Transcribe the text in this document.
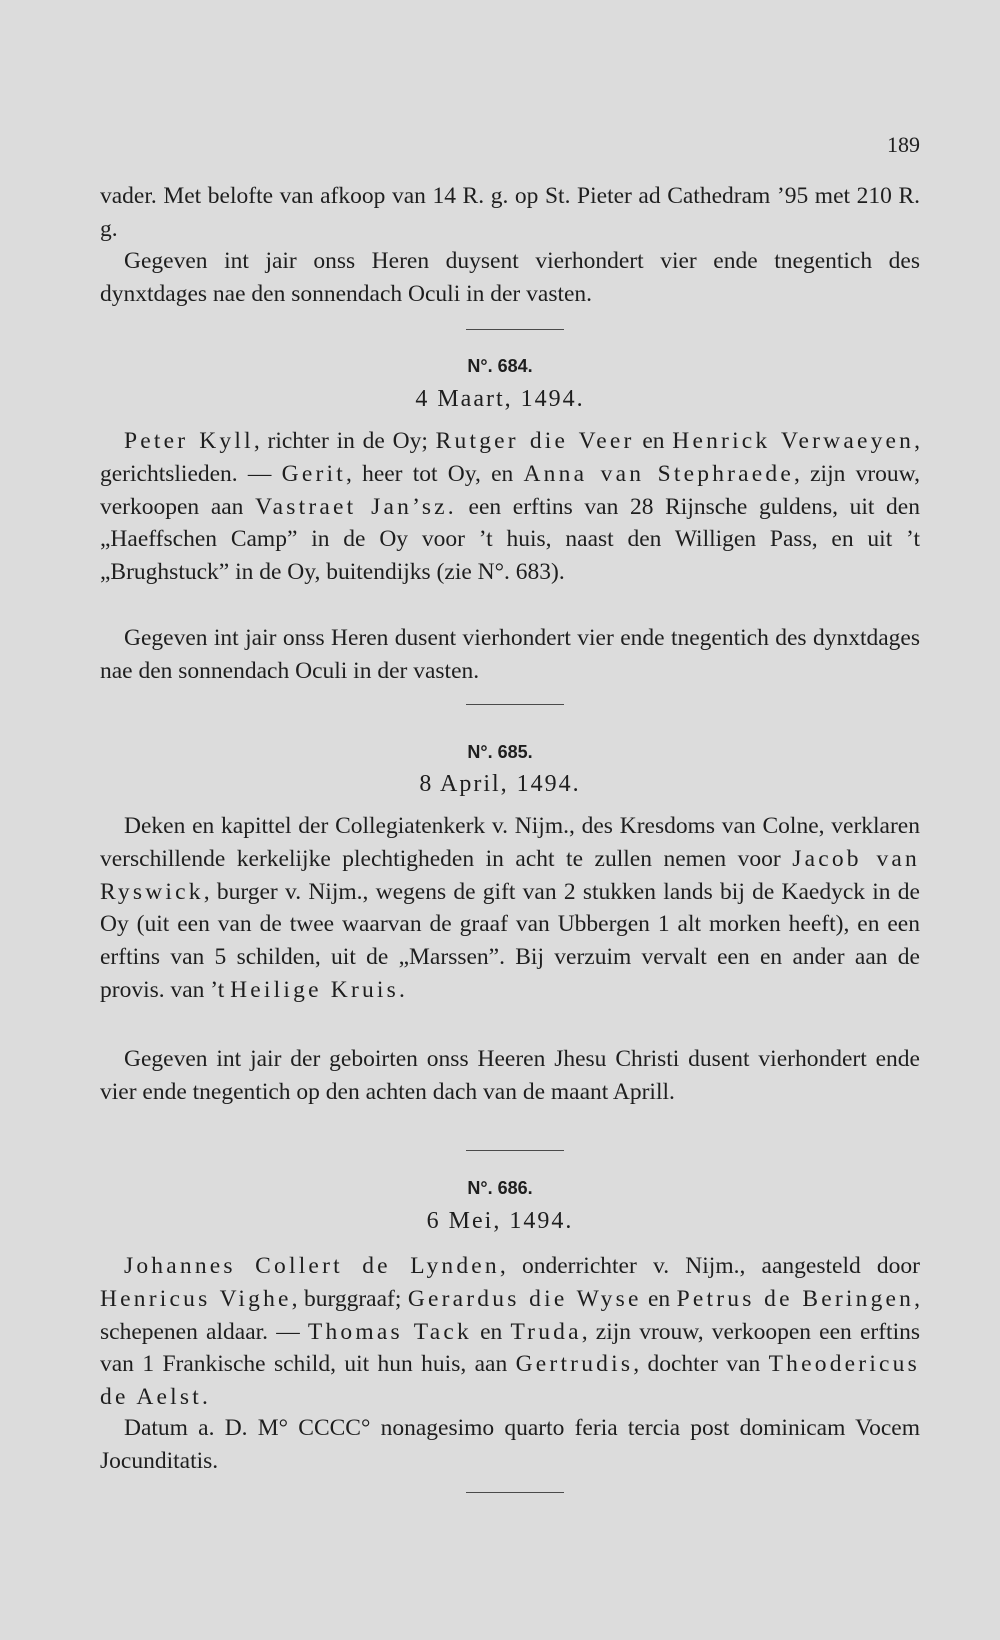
189

vader. Met belofte van afkoop van 14 R. g. op St. Pieter ad Cathedram ’95 met 210 R. g.

Gegeven int jair onss Heren duysent vierhondert vier ende tnegentich des dynxtdages nae den sonnendach Oculi in der vasten.

N°. 684.
4 Maart, 1494.

Peter Kyll, richter in de Oy; Rutger die Veer en Henrick Verwaeyen, gerichtslieden. — Gerit, heer tot Oy, en Anna van Stephraede, zijn vrouw, verkoopen aan Vastraet Jan’sz. een erftins van 28 Rijnsche guldens, uit den „Haeffschen Camp” in de Oy voor ’t huis, naast den Willigen Pass, en uit ’t „Brughstuck” in de Oy, buitendijks (zie N°. 683).

Gegeven int jair onss Heren dusent vierhondert vier ende tnegentich des dynxtdages nae den sonnendach Oculi in der vasten.

N°. 685.
8 April, 1494.

Deken en kapittel der Collegiatenkerk v. Nijm., des Kresdoms van Colne, verklaren verschillende kerkelijke plechtigheden in acht te zullen nemen voor Jacob van Ryswick, burger v. Nijm., wegens de gift van 2 stukken lands bij de Kaedyck in de Oy (uit een van de twee waarvan de graaf van Ubbergen 1 alt morken heeft), en een erftins van 5 schilden, uit de „Marssen”. Bij verzuim vervalt een en ander aan de provis. van ’t Heilige Kruis.

Gegeven int jair der geboirten onss Heeren Jhesu Christi dusent vierhondert ende vier ende tnegentich op den achten dach van de maant Aprill.

N°. 686.
6 Mei, 1494.

Johannes Collert de Lynden, onderrichter v. Nijm., aangesteld door Henricus Vighe, burggraaf; Gerardus die Wyse en Petrus de Beringen, schepenen aldaar. — Thomas Tack en Truda, zijn vrouw, verkoopen een erftins van 1 Frankische schild, uit hun huis, aan Gertrudis, dochter van Theodericus de Aelst.

Datum a. D. M° CCCC° nonagesimo quarto feria tercia post dominicam Vocem Jocunditatis.
